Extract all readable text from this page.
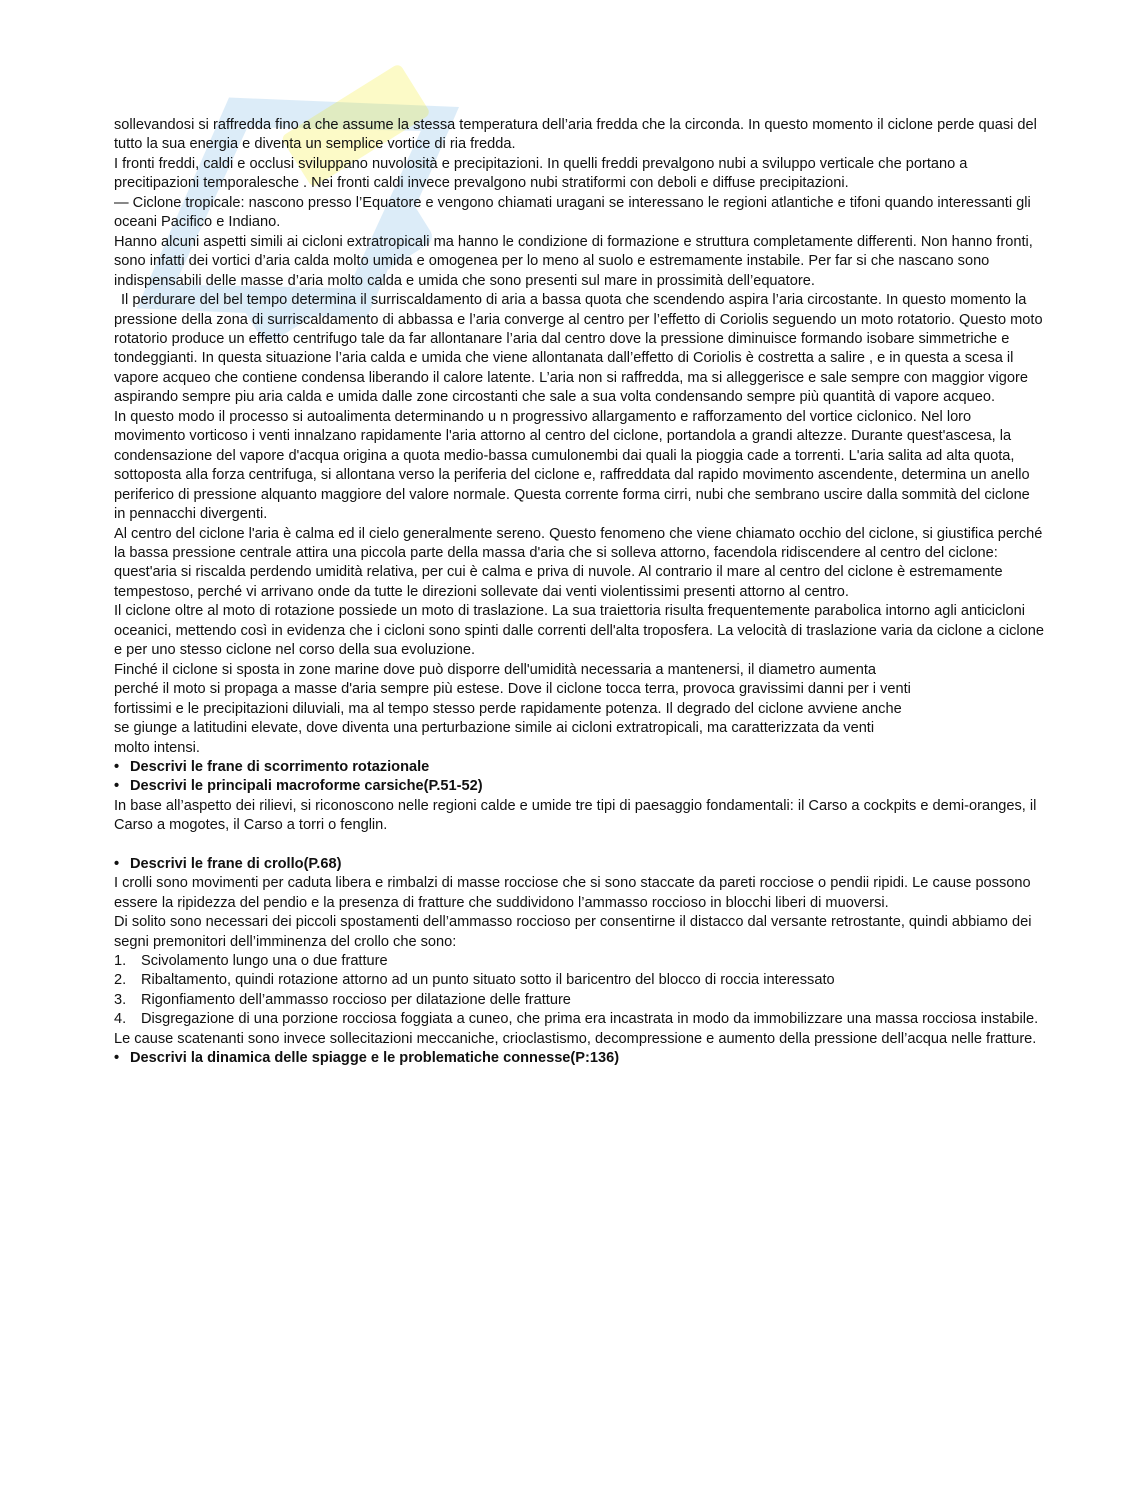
sollevandosi si raffredda fino a che assume la stessa temperatura dell’aria fredda che la circonda. In questo momento il ciclone perde quasi del tutto la sua energia e diventa un semplice vortice di ria fredda.

I fronti freddi, caldi e occlusi sviluppano nuvolosità e precipitazioni. In quelli freddi prevalgono nubi a sviluppo verticale che portano a precitipazioni temporalesche . Nei fronti caldi invece prevalgono nubi stratiformi con deboli e diffuse precipitazioni.

— Ciclone tropicale: nascono presso l’Equatore e vengono chiamati uragani se interessano le regioni atlantiche e tifoni quando interessanti gli oceani Pacifico e Indiano.

Hanno alcuni aspetti simili ai cicloni extratropicali ma hanno le condizione di formazione e struttura completamente differenti. Non hanno fronti, sono infatti dei vortici d’aria calda molto umida e omogenea per lo meno al suolo e estremamente instabile. Per far si che nascano sono indispensabili delle masse d’aria molto calda e umida che sono presenti sul mare in prossimità dell’equatore.

Il perdurare del bel tempo determina il surriscaldamento di aria a bassa quota che scendendo aspira l’aria circostante. In questo momento la pressione della zona di surriscaldamento di abbassa e l’aria converge al centro per l’effetto di Coriolis seguendo un moto rotatorio. Questo moto rotatorio produce un effetto centrifugo tale da far allontanare l’aria dal centro dove la pressione diminuisce formando isobare simmetriche e tondeggianti. In questa situazione l’aria calda e umida che viene allontanata dall’effetto di Coriolis è costretta a salire , e in questa a scesa il vapore acqueo che contiene condensa liberando il calore latente. L’aria non si raffredda, ma si alleggerisce e sale sempre con maggior vigore aspirando sempre piu aria calda e umida dalle zone circostanti che sale a sua volta condensando sempre più quantità di vapore acqueo.

In questo modo il processo si autoalimenta determinando u n progressivo allargamento e rafforzamento del vortice ciclonico. Nel loro movimento vorticoso i venti innalzano rapidamente l'aria attorno al centro del ciclone, portandola a grandi altezze. Durante quest'ascesa, la condensazione del vapore d'acqua origina a quota medio-bassa cumulonembi dai quali la pioggia cade a torrenti. L'aria salita ad alta quota, sottoposta alla forza centrifuga, si allontana verso la periferia del ciclone e, raffreddata dal rapido movimento ascendente, determina un anello periferico di pressione alquanto maggiore del valore normale. Questa corrente forma cirri, nubi che sembrano uscire dalla sommità del ciclone in pennacchi divergenti.

Al centro del ciclone l'aria è calma ed il cielo generalmente sereno. Questo fenomeno che viene chiamato occhio del ciclone, si giustifica perché la bassa pressione centrale attira una piccola parte della massa d'aria che si solleva attorno, facendola ridiscendere al centro del ciclone: quest'aria si riscalda perdendo umidità relativa, per cui è calma e priva di nuvole. Al contrario il mare al centro del ciclone è estremamente tempestoso, perché vi arrivano onde da tutte le direzioni sollevate dai venti violentissimi presenti attorno al centro.

Il ciclone oltre al moto di rotazione possiede un moto di traslazione. La sua traiettoria risulta frequentemente parabolica intorno agli anticicloni oceanici, mettendo così in evidenza che i cicloni sono spinti dalle correnti dell'alta troposfera. La velocità di traslazione varia da ciclone a ciclone e per uno stesso ciclone nel corso della sua evoluzione.

Finché il ciclone si sposta in zone marine dove può disporre dell'umidità necessaria a mantenersi, il diametro aumenta perché il moto si propaga a masse d'aria sempre più estese. Dove il ciclone tocca terra, provoca gravissimi danni per i venti fortissimi e le precipitazioni diluviali, ma al tempo stesso perde rapidamente potenza. Il degrado del ciclone avviene anche se giunge a latitudini elevate, dove diventa una perturbazione simile ai cicloni extratropicali, ma caratterizzata da venti

molto intensi.

• Descrivi le frane di scorrimento rotazionale

• Descrivi le principali macroforme carsiche(P.51-52)

In base all’aspetto dei rilievi, si riconoscono nelle regioni calde e umide tre tipi di paesaggio fondamentali: il Carso a cockpits e demi-oranges, il Carso a mogotes, il Carso a torri o fenglin.

• Descrivi le frane di crollo(P.68)

I crolli sono movimenti per caduta libera e rimbalzi di masse rocciose che si sono staccate da pareti rocciose o pendii ripidi. Le cause possono essere la ripidezza del pendio e la presenza di fratture che suddividono l’ammasso roccioso in blocchi liberi di muoversi.

Di solito sono necessari dei piccoli spostamenti dell’ammasso roccioso per consentirne il distacco dal versante retrostante, quindi abbiamo dei segni premonitori dell’imminenza del crollo che sono:

1. Scivolamento lungo una o due fratture
2. Ribaltamento, quindi rotazione attorno ad un punto situato sotto il baricentro del blocco di roccia interessato
3. Rigonfiamento dell’ammasso roccioso per dilatazione delle fratture
4. Disgregazione di una porzione rocciosa foggiata a cuneo, che prima era incastrata in modo da immobilizzare una massa rocciosa instabile.

Le cause scatenanti sono invece sollecitazioni meccaniche, crioclastismo, decompressione e aumento della pressione dell’acqua nelle fratture.

• Descrivi la dinamica delle spiagge e le problematiche connesse(P:136)
